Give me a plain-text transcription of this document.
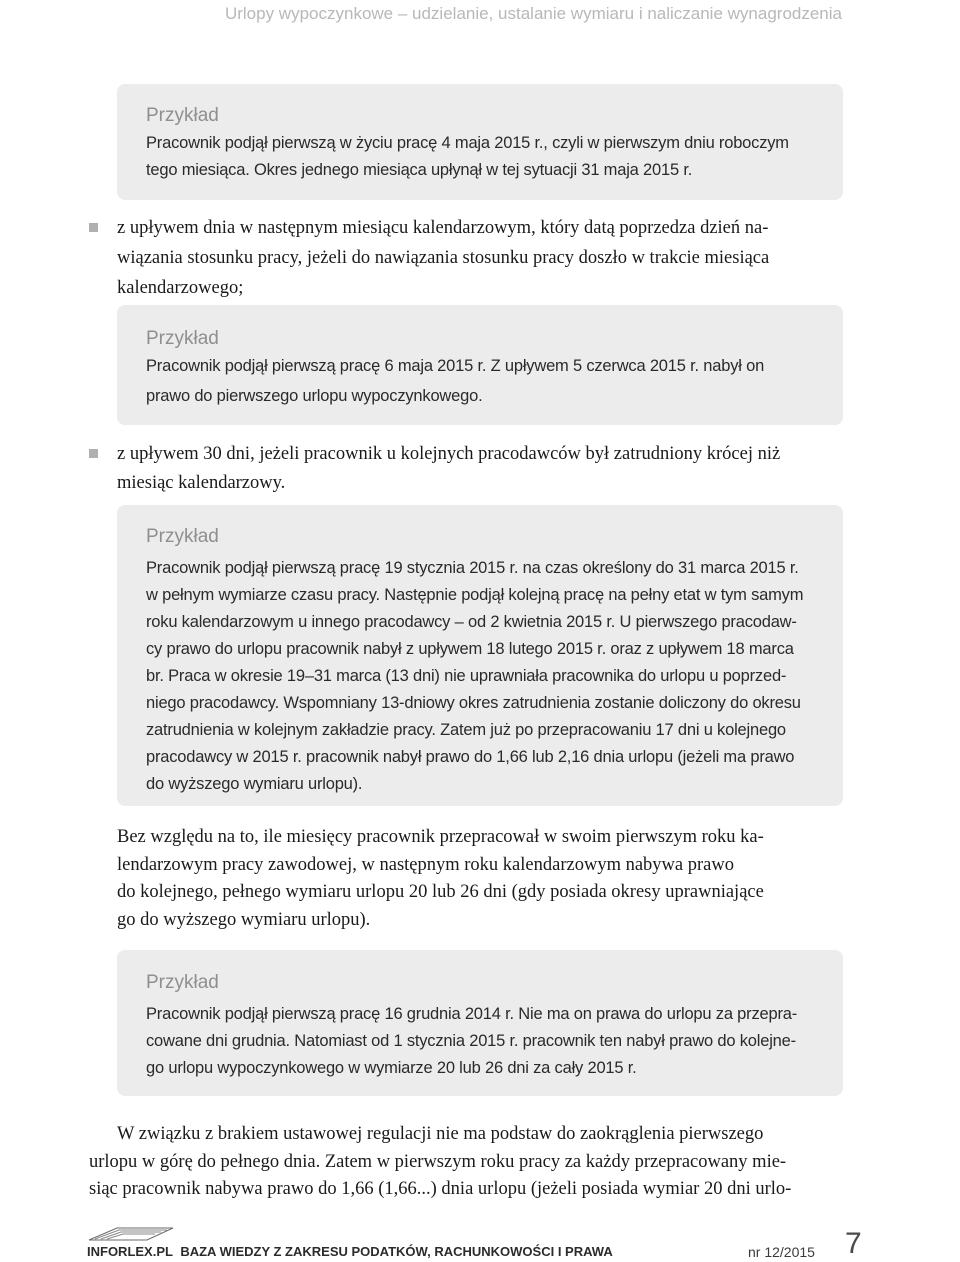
Urlopy wypoczynkowe – udzielanie, ustalanie wymiaru i naliczanie wynagrodzenia
Przykład
Pracownik podjął pierwszą w życiu pracę 4 maja 2015 r., czyli w pierwszym dniu roboczym
tego miesiąca. Okres jednego miesiąca upłynął w tej sytuacji 31 maja 2015 r.
z upływem dnia w następnym miesiącu kalendarzowym, który datą poprzedza dzień na-
wiązania stosunku pracy, jeżeli do nawiązania stosunku pracy doszło w trakcie miesiąca
kalendarzowego;
Przykład
Pracownik podjął pierwszą pracę 6 maja 2015 r. Z upływem 5 czerwca 2015 r. nabył on
prawo do pierwszego urlopu wypoczynkowego.
z upływem 30 dni, jeżeli pracownik u kolejnych pracodawców był zatrudniony krócej niż
miesiąc kalendarzowy.
Przykład
Pracownik podjął pierwszą pracę 19 stycznia 2015 r. na czas określony do 31 marca 2015 r.
w pełnym wymiarze czasu pracy. Następnie podjął kolejną pracę na pełny etat w tym samym
roku kalendarzowym u innego pracodawcy – od 2 kwietnia 2015 r. U pierwszego pracodaw-
cy prawo do urlopu pracownik nabył z upływem 18 lutego 2015 r. oraz z upływem 18 marca
br. Praca w okresie 19–31 marca (13 dni) nie uprawniała pracownika do urlopu u poprzed-
niego pracodawcy. Wspomniany 13-dniowy okres zatrudnienia zostanie doliczony do okresu
zatrudnienia w kolejnym zakładzie pracy. Zatem już po przepracowaniu 17 dni u kolejnego
pracodawcy w 2015 r. pracownik nabył prawo do 1,66 lub 2,16 dnia urlopu (jeżeli ma prawo
do wyższego wymiaru urlopu).
Bez względu na to, ile miesięcy pracownik przepracował w swoim pierwszym roku ka-
lendarzowym pracy zawodowej, w następnym roku kalendarzowym nabywa prawo
do kolejnego, pełnego wymiaru urlopu 20 lub 26 dni (gdy posiada okresy uprawniające
go do wyższego wymiaru urlopu).
Przykład
Pracownik podjął pierwszą pracę 16 grudnia 2014 r. Nie ma on prawa do urlopu za przepra-
cowane dni grudnia. Natomiast od 1 stycznia 2015 r. pracownik ten nabył prawo do kolejne-
go urlopu wypoczynkowego w wymiarze 20 lub 26 dni za cały 2015 r.
W związku z brakiem ustawowej regulacji nie ma podstaw do zaokrąglenia pierwszego
urlopu w górę do pełnego dnia. Zatem w pierwszym roku pracy za każdy przepracowany mie-
siąc pracownik nabywa prawo do 1,66 (1,66...) dnia urlopu (jeżeli posiada wymiar 20 dni urlo-
INFORLEX.PL BAZA WIEDZY Z ZAKRESU PODATKÓW, RACHUNKOWOŚCI I PRAWA	nr 12/2015 7
